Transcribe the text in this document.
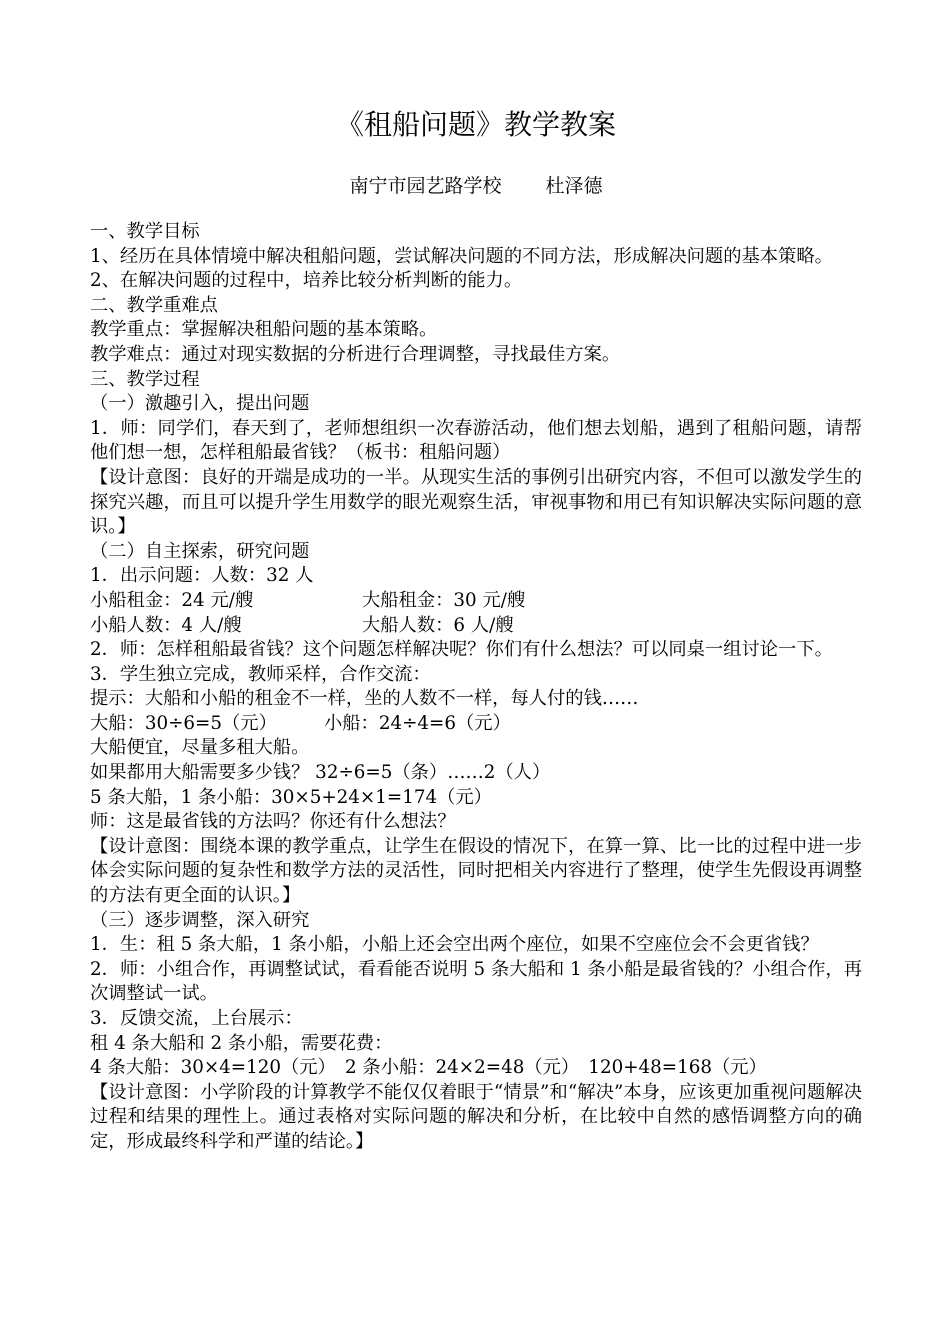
《租船问题》教学教案
南宁市园艺路学校 杜泽德
一、教学目标
1、经历在具体情境中解决租船问题，尝试解决问题的不同方法，形成解决问题的基本策略。
2、在解决问题的过程中，培养比较分析判断的能力。
二、教学重难点
教学重点：掌握解决租船问题的基本策略。
教学难点：通过对现实数据的分析进行合理调整，寻找最佳方案。
三、教学过程
（一）激趣引入，提出问题
1．师：同学们，春天到了，老师想组织一次春游活动，他们想去划船，遇到了租船问题，请帮他们想一想，怎样租船最省钱？（板书：租船问题）
【设计意图：良好的开端是成功的一半。从现实生活的事例引出研究内容，不但可以激发学生的探究兴趣，而且可以提升学生用数学的眼光观察生活，审视事物和用已有知识解决实际问题的意识。】
（二）自主探索，研究问题
1．出示问题：人数：32 人
小船租金：24 元/艘	大船租金：30 元/艘
小船人数：4 人/艘	大船人数：6 人/艘
2．师：怎样租船最省钱？这个问题怎样解决呢？你们有什么想法？可以同桌一组讨论一下。
3．学生独立完成，教师采样，合作交流：
提示：大船和小船的租金不一样，坐的人数不一样，每人付的钱……
大船：30÷6=5（元）	小船：24÷4=6（元）
大船便宜，尽量多租大船。
如果都用大船需要多少钱？ 32÷6=5（条）……2（人）
5 条大船，1 条小船：30×5+24×1=174（元）
师：这是最省钱的方法吗？你还有什么想法？
【设计意图：围绕本课的教学重点，让学生在假设的情况下，在算一算、比一比的过程中进一步体会实际问题的复杂性和数学方法的灵活性，同时把相关内容进行了整理，使学生先假设再调整的方法有更全面的认识。】
（三）逐步调整，深入研究
1．生：租 5 条大船，1 条小船，小船上还会空出两个座位，如果不空座位会不会更省钱？
2．师：小组合作，再调整试试，看看能否说明 5 条大船和 1 条小船是最省钱的？小组合作，再次调整试一试。
3．反馈交流，上台展示：
租 4 条大船和 2 条小船，需要花费：
4 条大船：30×4=120（元）　2 条小船：24×2=48（元）　120+48=168（元）
【设计意图：小学阶段的计算教学不能仅仅着眼于“情景”和“解决”本身，应该更加重视问题解决过程和结果的理性上。通过表格对实际问题的解决和分析，在比较中自然的感悟调整方向的确定，形成最终科学和严谨的结论。】
